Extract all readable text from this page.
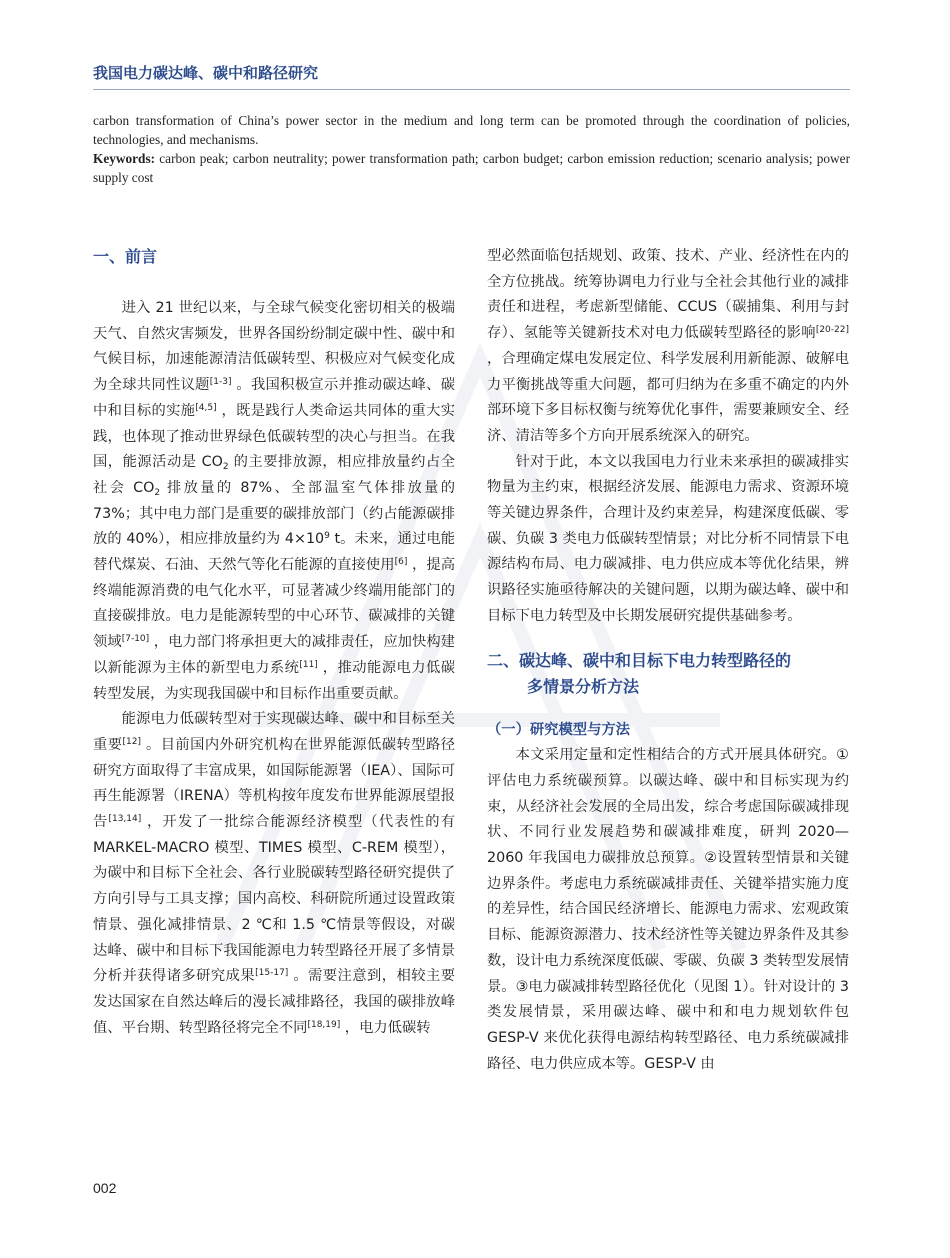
我国电力碳达峰、碳中和路径研究

carbon transformation of China’s power sector in the medium and long term can be promoted through the coordination of policies, technologies, and mechanisms.

Keywords: carbon peak; carbon neutrality; power transformation path; carbon budget; carbon emission reduction; scenario analysis; power supply cost

一、前言

进入 21 世纪以来，与全球气候变化密切相关的极端天气、自然灾害频发，世界各国纷纷制定碳中性、碳中和气候目标，加速能源清洁低碳转型、积极应对气候变化成为全球共同性议题[1-3] 。我国积极宣示并推动碳达峰、碳中和目标的实施[4,5] ，既是践行人类命运共同体的重大实践，也体现了推动世界绿色低碳转型的决心与担当。在我国，能源活动是 $CO_2$ 的主要排放源，相应排放量约占全社会 $CO_2$ 排放量的 87%、全部温室气体排放量的 73%；其中电力部门是重要的碳排放部门（约占能源碳排放的 40%），相应排放量约为 $4\times 10^9$ t。未来，通过电能替代煤炭、石油、天然气等化石能源的直接使用[6] ，提高终端能源消费的电气化水平，可显著减少终端用能部门的直接碳排放。电力是能源转型的中心环节、碳减排的关键领域[7-10] ，电力部门将承担更大的减排责任，应加快构建以新能源为主体的新型电力系统[11] ，推动能源电力低碳转型发展，为实现我国碳中和目标作出重要贡献。

能源电力低碳转型对于实现碳达峰、碳中和目标至关重要[12] 。目前国内外研究机构在世界能源低碳转型路径研究方面取得了丰富成果，如国际能源署（IEA）、国际可再生能源署（IRENA）等机构按年度发布世界能源展望报告[13,14] ，开发了一批综合能源经济模型（代表性的有 MARKEL-MACRO 模型、TIMES 模型、C-REM 模型），为碳中和目标下全社会、各行业脱碳转型路径研究提供了方向引导与工具支撑；国内高校、科研院所通过设置政策情景、强化减排情景、2 ℃和 1.5 ℃情景等假设，对碳达峰、碳中和目标下我国能源电力转型路径开展了多情景分析并获得诸多研究成果[15-17] 。需要注意到，相较主要发达国家在自然达峰后的漫长减排路径，我国的碳排放峰值、平台期、转型路径将完全不同[18,19] ，电力低碳转

型必然面临包括规划、政策、技术、产业、经济性在内的全方位挑战。统筹协调电力行业与全社会其他行业的减排责任和进程，考虑新型储能、CCUS（碳捕集、利用与封存）、氢能等关键新技术对电力低碳转型路径的影响[20-22] ，合理确定煤电发展定位、科学发展利用新能源、破解电力平衡挑战等重大问题，都可归纳为在多重不确定的内外部环境下多目标权衡与统筹优化事件，需要兼顾安全、经济、清洁等多个方向开展系统深入的研究。

针对于此，本文以我国电力行业未来承担的碳减排实物量为主约束，根据经济发展、能源电力需求、资源环境等关键边界条件，合理计及约束差异，构建深度低碳、零碳、负碳 3 类电力低碳转型情景；对比分析不同情景下电源结构布局、电力碳减排、电力供应成本等优化结果，辨识路径实施亟待解决的关键问题，以期为碳达峰、碳中和目标下电力转型及中长期发展研究提供基础参考。

二、碳达峰、碳中和目标下电力转型路径的
多情景分析方法
（一）研究模型与方法

本文采用定量和定性相结合的方式开展具体研究。①评估电力系统碳预算。以碳达峰、碳中和目标实现为约束，从经济社会发展的全局出发，综合考虑国际碳减排现状、不同行业发展趋势和碳减排难度，研判 2020—2060 年我国电力碳排放总预算。②设置转型情景和关键边界条件。考虑电力系统碳减排责任、关键举措实施力度的差异性，结合国民经济增长、能源电力需求、宏观政策目标、能源资源潜力、技术经济性等关键边界条件及其参数，设计电力系统深度低碳、零碳、负碳 3 类转型发展情景。③电力碳减排转型路径优化（见图 1）。针对设计的 3 类发展情景，采用碳达峰、碳中和和电力规划软件包 GESP-V 来优化获得电源结构转型路径、电力系统碳减排路径、电力供应成本等。GESP-V 由

002
